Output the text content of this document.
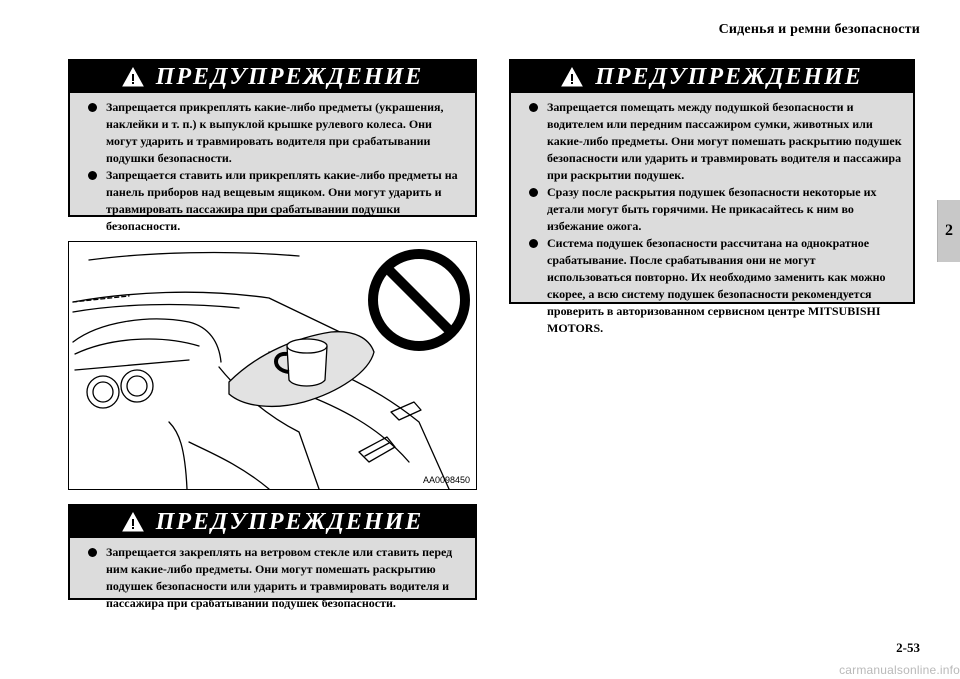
Сиденья и ремни безопасности
2
ПРЕДУПРЕЖДЕНИЕ
Запрещается прикреплять какие-либо предметы (украшения, наклейки и т. п.) к выпуклой крышке рулевого колеса. Они могут ударить и травмировать водителя при срабатывании подушки безопасности.
Запрещается ставить или прикреплять какие-либо предметы на панель приборов над вещевым ящиком. Они могут ударить и травмировать пассажира при срабатывании подушки безопасности.
AA0098450
ПРЕДУПРЕЖДЕНИЕ
Запрещается закреплять на ветровом стекле или ставить перед ним какие-либо предметы. Они могут помешать раскрытию подушек безопасности или ударить и травмировать водителя и пассажира при срабатывании подушек безопасности.
ПРЕДУПРЕЖДЕНИЕ
Запрещается помещать между подушкой безопасности и водителем или передним пассажиром сумки, животных или какие-либо предметы. Они могут помешать раскрытию подушек безопасности или ударить и травмировать водителя и пассажира при раскрытии подушек.
Сразу после раскрытия подушек безопасности некоторые их детали могут быть горячими. Не прикасайтесь к ним во избежание ожога.
Система подушек безопасности рассчитана на однократное срабатывание. После срабатывания они не могут использоваться повторно. Их необходимо заменить как можно скорее, а всю систему подушек безопасности рекомендуется проверить в авторизованном сервисном центре MITSUBISHI MOTORS.
2-53
carmanualsonline.info
